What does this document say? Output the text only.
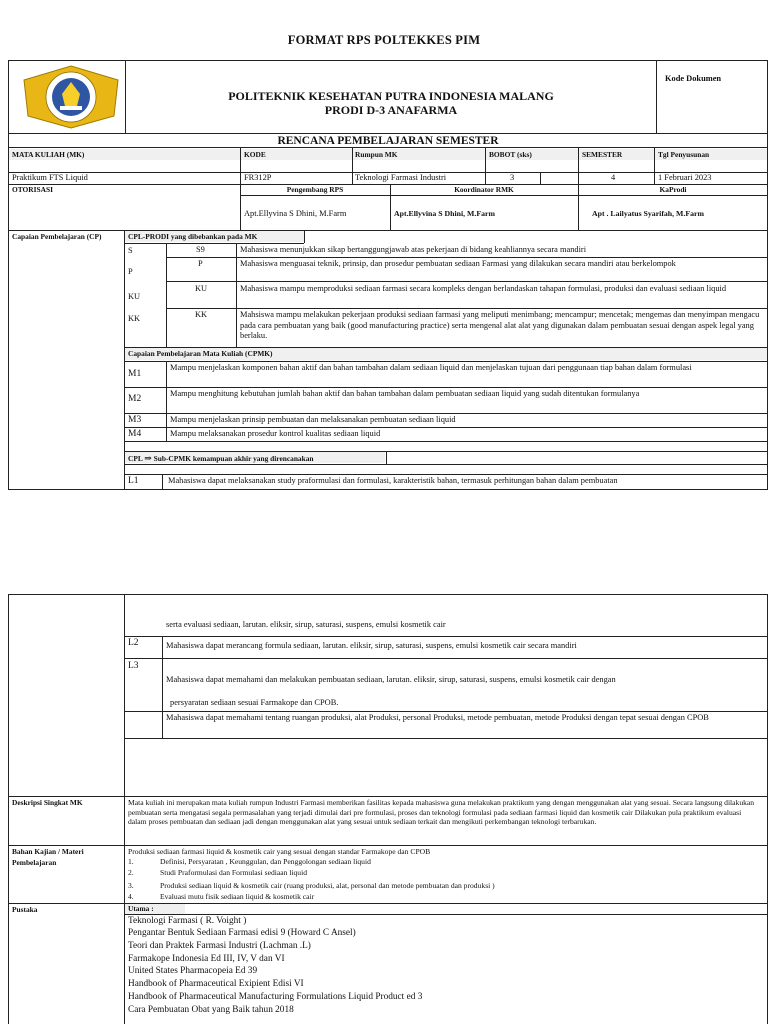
FORMAT RPS POLTEKKES PIM
POLITEKNIK KESEHATAN PUTRA INDONESIA MALANG
PRODI D-3 ANAFARMA
Kode Dokumen
RENCANA PEMBELAJARAN SEMESTER
MATA KULIAH (MK)	KODE	Rumpun MK	BOBOT (sks)	SEMESTER	Tgl Penyusunan
Praktikum FTS Liquid	FR312P	Teknologi Farmasi Industri	3	4	1 Februari 2023
OTORISASI	Pengembang RPS	Koordinator RMK	KaProdi
Apt.Ellyvina S Dhini, M.Farm	Apt.Ellyvina S Dhini, M.Farm	Apt . Lailyatus Syarifah, M.Farm
Capaian Pembelajaran (CP)	CPL-PRODI yang dibebankan pada MK
S
P
KU
KK
S9	Mahasiswa menunjukkan sikap bertanggungjawab atas pekerjaan di bidang keahliannya secara mandiri
P	Mahasiswa menguasai teknik, prinsip, dan prosedur pembuatan sediaan Farmasi yang dilakukan secara mandiri atau berkelompok
KU	Mahasiswa mampu memproduksi sediaan farmasi secara kompleks dengan berlandaskan tahapan formulasi, produksi dan evaluasi sediaan liquid
KK	Mahsiswa mampu melakukan pekerjaan produksi sediaan farmasi yang meliputi menimbang; mencampur; mencetak; mengemas dan menyimpan mengacu pada cara pembuatan yang baik (good manufacturing practice) serta mengenal alat alat yang digunakan dalam pembuatan sesuai dengan aspek legal yang berlaku.
Capaian Pembelajaran Mata Kuliah (CPMK)
M1
Mampu menjelaskan komponen bahan aktif dan bahan tambahan dalam sediaan liquid dan menjelaskan tujuan dari penggunaan tiap bahan dalam formulasi
M2
Mampu menghitung kebutuhan jumlah bahan aktif dan bahan tambahan dalam pembuatan sediaan liquid yang sudah ditentukan formulanya
M3	Mampu menjelaskan prinsip pembuatan dan melaksanakan pembuatan sediaan liquid
M4	Mampu melaksanakan prosedur kontrol kualitas sediaan liquid
CPL ⇒ Sub-CPMK kemampuan akhir yang direncanakan
L1	Mahasiswa dapat melaksanakan study praformulasi dan formulasi, karakteristik bahan, termasuk perhitungan bahan dalam pembuatan
serta evaluasi sediaan, larutan. eliksir, sirup, saturasi, suspens, emulsi kosmetik cair
L2	Mahasiswa dapat merancang formula sediaan, larutan. eliksir, sirup, saturasi, suspens, emulsi kosmetik cair secara mandiri
L3
Mahasiswa dapat memahami dan melakukan pembuatan sediaan, larutan. eliksir, sirup, saturasi, suspens, emulsi kosmetik cair dengan
persyaratan sediaan sesuai Farmakope dan CPOB.
Mahasiswa dapat memahami tentang ruangan produksi, alat Produksi, personal Produksi, metode pembuatan, metode Produksi dengan tepat sesuai dengan CPOB
Deskripsi Singkat MK	Mata kuliah ini merupakan mata kuliah rumpun Industri Farmasi memberikan fasilitas kepada mahasiswa guna melakukan praktikum yang dengan menggunakan alat yang sesuai. Secara langsung dilakukan pembuatan serta mengatasi segala permasalahan yang terjadi dimulai dari pre formulasi, proses dan teknologi formulasi pada sediaan farmasi liquid dan kosmetik cair Dilakukan pula praktikum evaluasi dalam proses pembuatan dan sediaan jadi dengan menggunakan alat yang sesuai untuk sediaan terkait dan mengikuti perkembangan teknologi terbarukan.
Bahan Kajian / Materi Pembelajaran
Produksi sediaan farmasi liquid & kosmetik cair yang sesuai dengan standar Farmakope dan CPOB
1.	Definisi, Persyaratan , Keunggulan, dan Penggolongan sediaan liquid
2.	Studi Praformulasi dan Formulasi sediaan liquid
3.	Produksi sediaan liquid & kosmetik cair (ruang produksi, alat, personal dan metode pembuatan dan produksi )
4.	Evaluasi mutu fisik sediaan liquid & kosmetik cair
Pustaka	Utama :
Teknologi Farmasi ( R. Voight )
Pengantar Bentuk Sediaan Farmasi edisi 9 (Howard C Ansel)
Teori dan Praktek Farmasi Industri (Lachman .L)
Farmakope Indonesia Ed III, IV, V dan VI
United States Pharmacopeia Ed 39
Handbook of Pharmaceutical Exipient Edisi VI
Handbook of Pharmaceutical Manufacturing Formulations Liquid Product ed 3
Cara Pembuatan Obat yang Baik tahun 2018
